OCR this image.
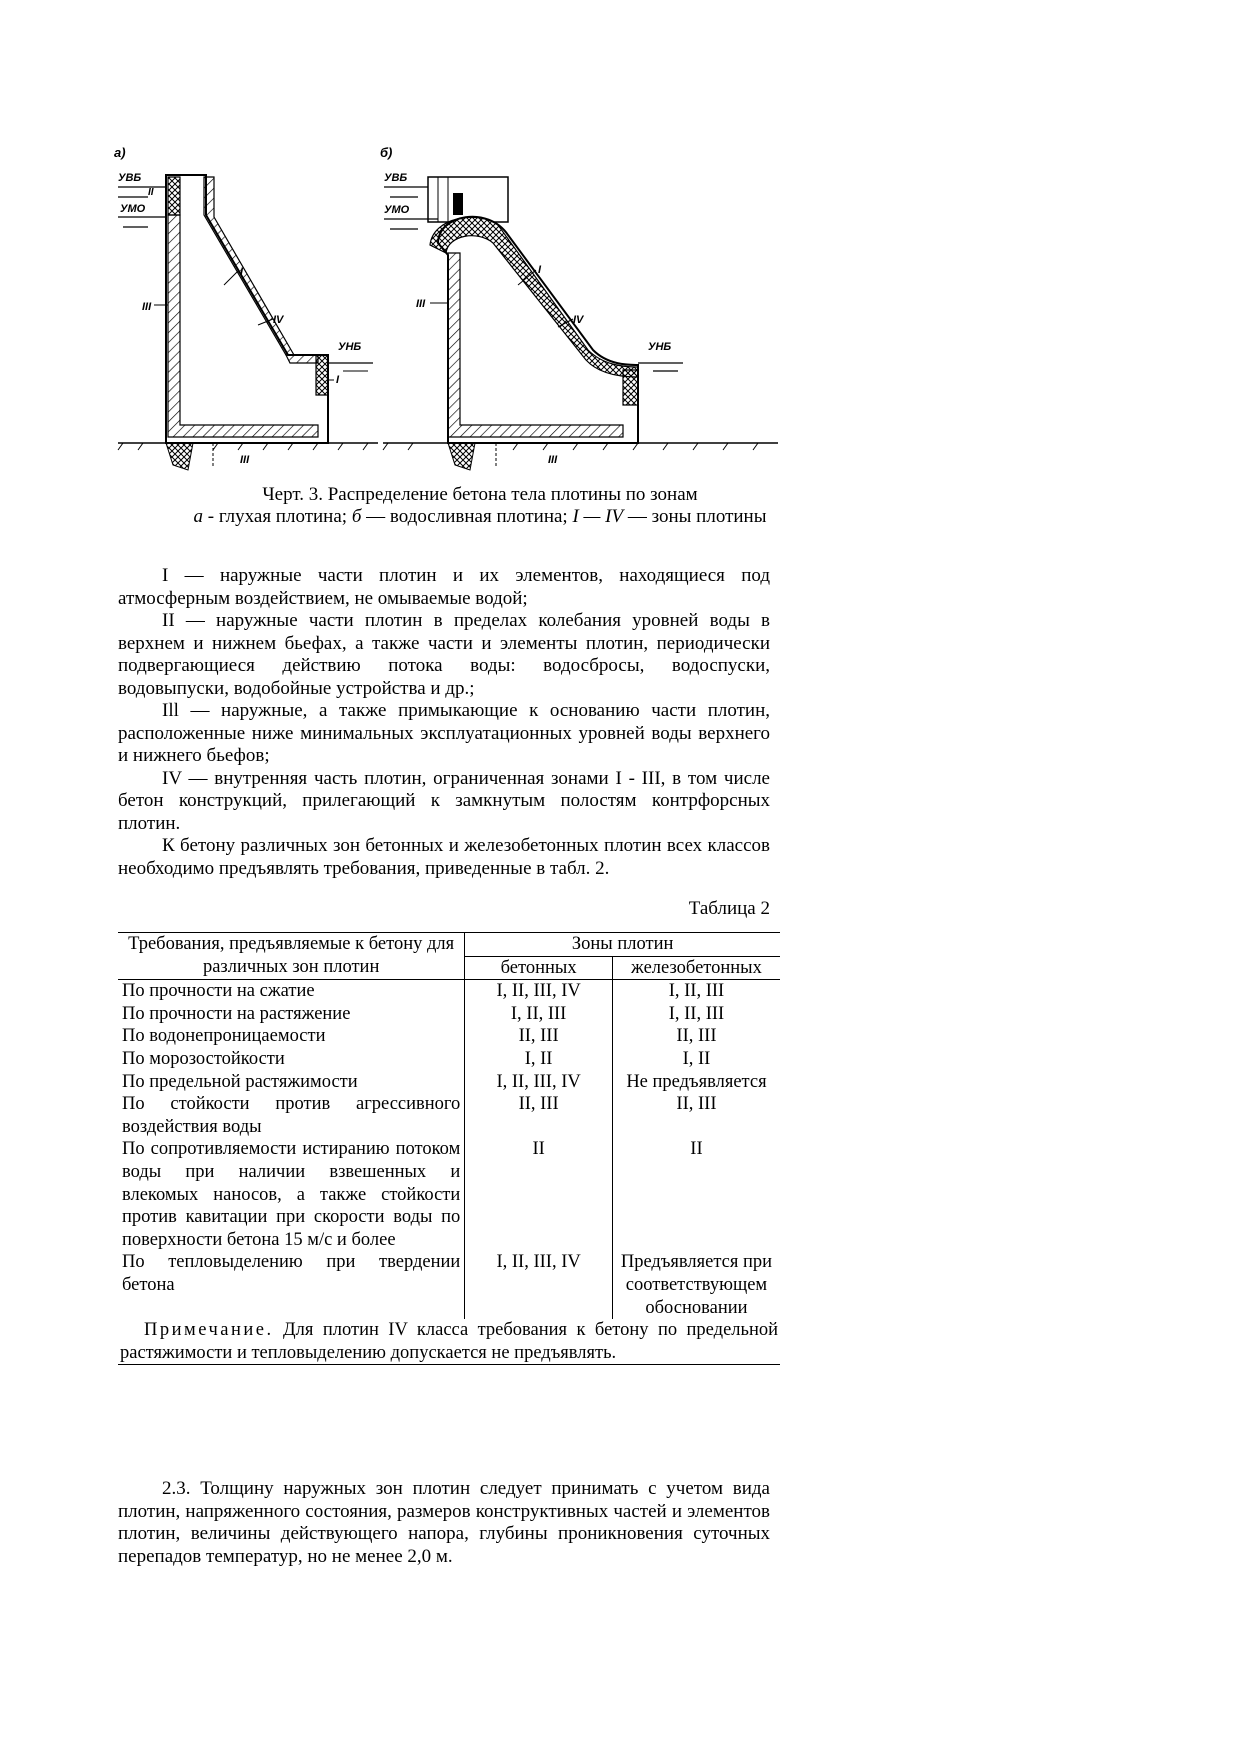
а)
УВБ
УМО
УНБ
II
III
I
IV
I
III
б)
УВБ
УМО
УНБ
I
III
IV
III
Черт. 3. Распределение бетона тела плотины по зонам
а - глухая плотина; б — водосливная плотина; I — IV — зоны плотины

I — наружные части плотин и их элементов, находящиеся под атмосферным воздействием, не омываемые водой;

II — наружные части плотин в пределах колебания уровней воды в верхнем и нижнем бьефах, а также части и элементы плотин, периодически подвергающиеся действию потока воды: водосбросы, водоспуски, водовыпуски, водобойные устройства и др.;

Ill — наружные, а также примыкающие к основанию части плотин, расположенные ниже минимальных эксплуатационных уровней воды верхнего и нижнего бьефов;

IV — внутренняя часть плотин, ограниченная зонами I - III, в том числе бетон конструкций, прилегающий к замкнутым полостям контрфорсных плотин.

К бетону различных зон бетонных и железобетонных плотин всех классов необходимо предъявлять требования, приведенные в табл. 2.

Таблица 2
Требования, предъявляемые к бетону для различных зон плотин	Зоны плотин	
	бетонных	железобетонных
По прочности на сжатие	I, II, III, IV	I, II, III
По прочности на растяжение	I, II, III	I, II, III
По водонепроницаемости	II, III	II, III
По морозостойкости	I, II	I, II
По предельной растяжимости	I, II, III, IV	Не предъявляется
По стойкости против агрессивного воздействия воды	II, III	II, III
По сопротивляемости истиранию потоком воды при наличии взвешенных и влекомых наносов, а также стойкости против кавитации при скорости воды по поверхности бетона 15 м/с и более	II	II
По тепловыделению при твердении бетона	I, II, III, IV	Предъявляется при соответствующем обосновании
Примечание. Для плотин IV класса требования к бетону по предельной растяжимости и тепловыделению допускается не предъявлять.		

2.3. Толщину наружных зон плотин следует принимать с учетом вида плотин, напряженного состояния, размеров конструктивных частей и элементов плотин, величины действующего напора, глубины проникновения суточных перепадов температур, но не менее 2,0 м.
